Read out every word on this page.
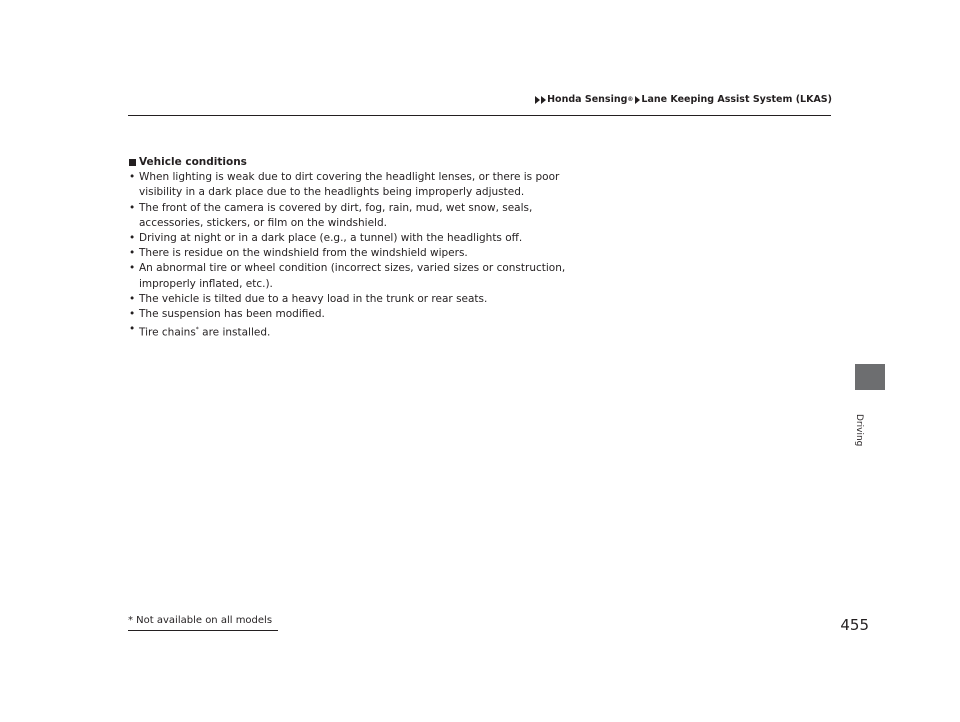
Honda Sensing ® Lane Keeping Assist System (LKAS)
Vehicle conditions
• When lighting is weak due to dirt covering the headlight lenses, or there is poor visibility in a dark place due to the headlights being improperly adjusted.
• The front of the camera is covered by dirt, fog, rain, mud, wet snow, seals, accessories, stickers, or film on the windshield.
• Driving at night or in a dark place (e.g., a tunnel) with the headlights off.
• There is residue on the windshield from the windshield wipers.
• An abnormal tire or wheel condition (incorrect sizes, varied sizes or construction, improperly inflated, etc.).
• The vehicle is tilted due to a heavy load in the trunk or rear seats.
• The suspension has been modified.
• Tire chains* are installed.
Driving
* Not available on all models	455
